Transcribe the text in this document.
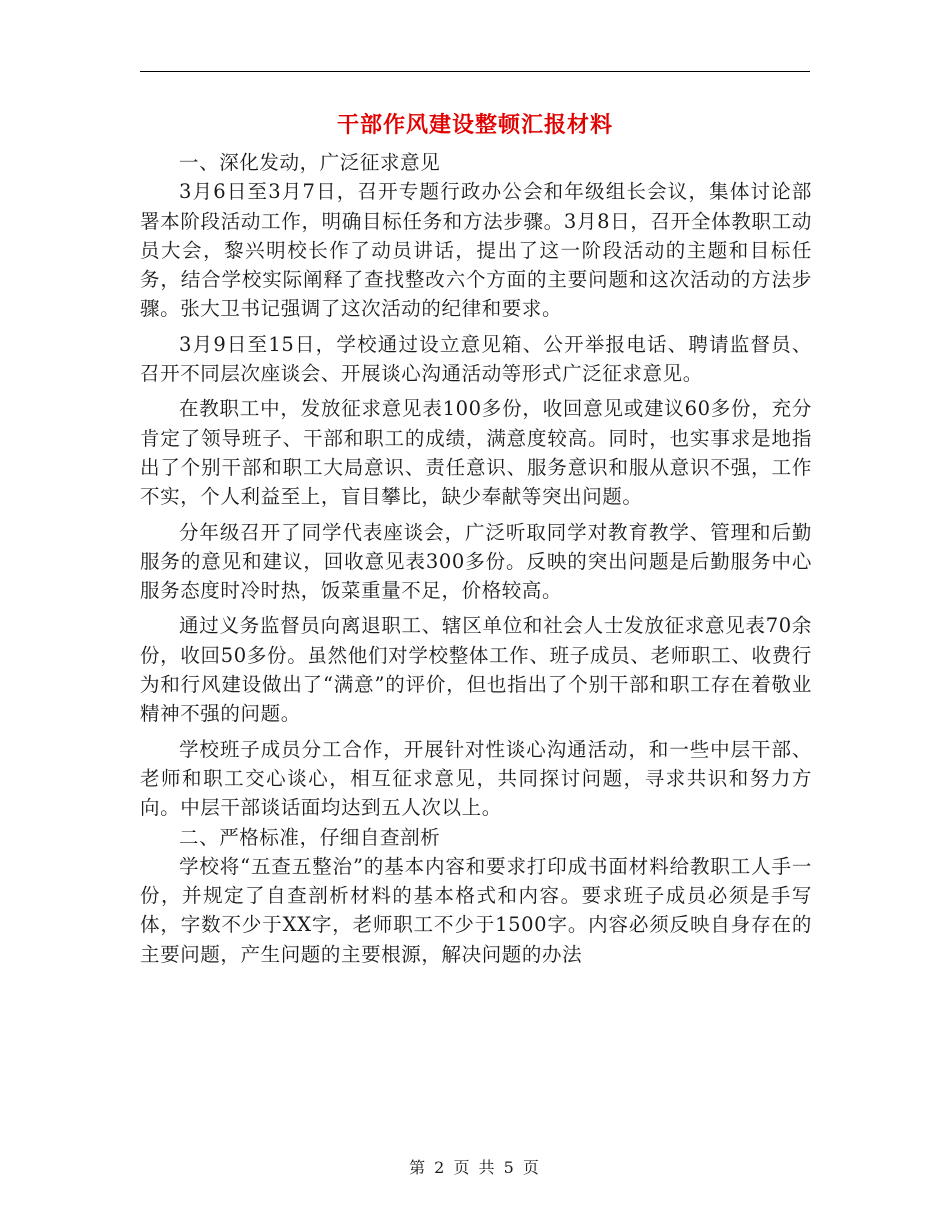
干部作风建设整顿汇报材料

一、深化发动，广泛征求意见

3月6日至3月7日，召开专题行政办公会和年级组长会议，集体讨论部署本阶段活动工作，明确目标任务和方法步骤。3月8日，召开全体教职工动员大会，黎兴明校长作了动员讲话，提出了这一阶段活动的主题和目标任务，结合学校实际阐释了查找整改六个方面的主要问题和这次活动的方法步骤。张大卫书记强调了这次活动的纪律和要求。

3月9日至15日，学校通过设立意见箱、公开举报电话、聘请监督员、召开不同层次座谈会、开展谈心沟通活动等形式广泛征求意见。

在教职工中，发放征求意见表100多份，收回意见或建议60多份，充分肯定了领导班子、干部和职工的成绩，满意度较高。同时，也实事求是地指出了个别干部和职工大局意识、责任意识、服务意识和服从意识不强，工作不实，个人利益至上，盲目攀比，缺少奉献等突出问题。

分年级召开了同学代表座谈会，广泛听取同学对教育教学、管理和后勤服务的意见和建议，回收意见表300多份。反映的突出问题是后勤服务中心服务态度时冷时热，饭菜重量不足，价格较高。

通过义务监督员向离退职工、辖区单位和社会人士发放征求意见表70余份，收回50多份。虽然他们对学校整体工作、班子成员、老师职工、收费行为和行风建设做出了“满意”的评价，但也指出了个别干部和职工存在着敬业精神不强的问题。

学校班子成员分工合作，开展针对性谈心沟通活动，和一些中层干部、老师和职工交心谈心，相互征求意见，共同探讨问题，寻求共识和努力方向。中层干部谈话面均达到五人次以上。

二、严格标准，仔细自查剖析

学校将“五查五整治”的基本内容和要求打印成书面材料给教职工人手一份，并规定了自查剖析材料的基本格式和内容。要求班子成员必须是手写体，字数不少于XX字，老师职工不少于1500字。内容必须反映自身存在的主要问题，产生问题的主要根源，解决问题的办法

第 2 页 共 5 页
